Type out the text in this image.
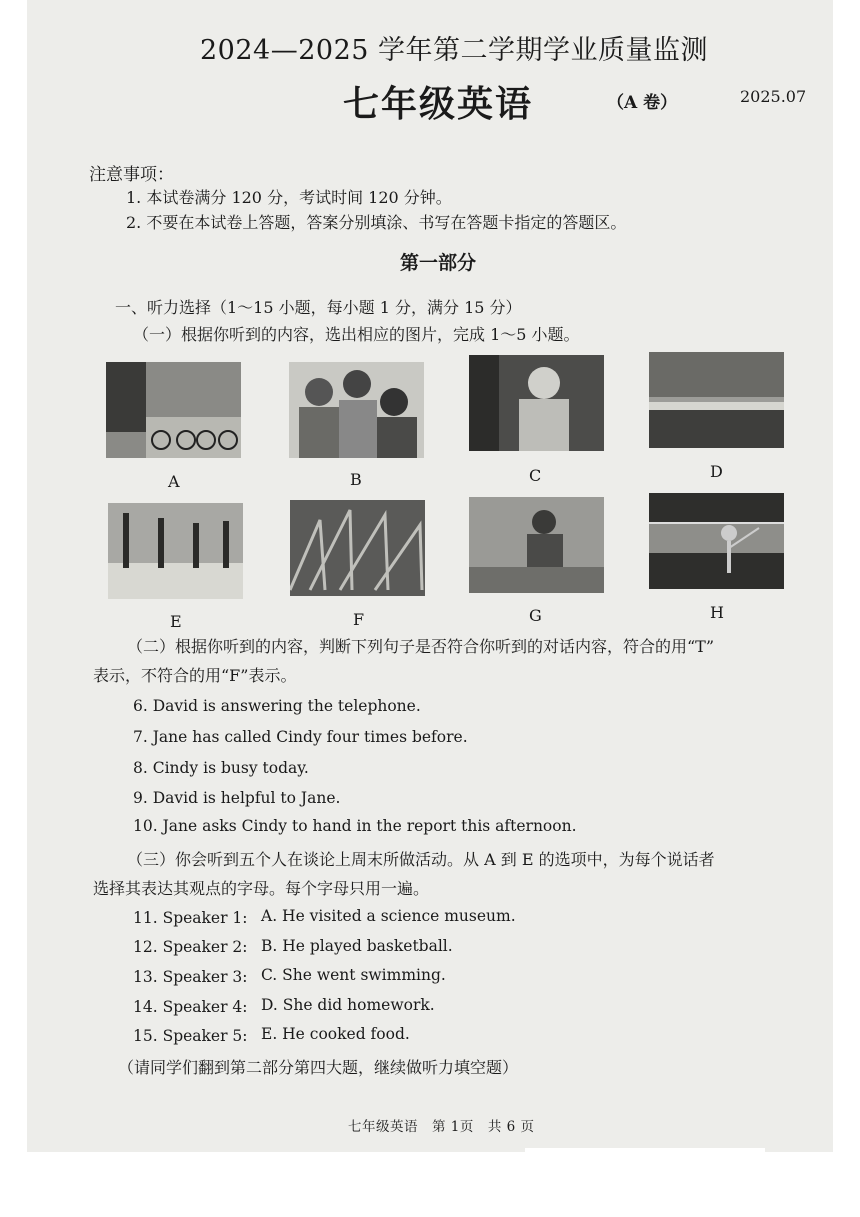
2024—2025 学年第二学期学业质量监测
七年级英语	（A 卷）	2025.07
注意事项：
1. 本试卷满分 120 分，考试时间 120 分钟。
2. 不要在本试卷上答题，答案分别填涂、书写在答题卡指定的答题区。
第一部分
一、听力选择（1～15 小题，每小题 1 分，满分 15 分）
（一）根据你听到的内容，选出相应的图片，完成 1～5 小题。
A	B	C	D
E	F	G	H
（二）根据你听到的内容，判断下列句子是否符合你听到的对话内容，符合的用“T”
表示，不符合的用“F”表示。
6. David is answering the telephone.
7. Jane has called Cindy four times before.
8. Cindy is busy today.
9. David is helpful to Jane.
10. Jane asks Cindy to hand in the report this afternoon.
（三）你会听到五个人在谈论上周末所做活动。从 A 到 E 的选项中，为每个说话者
选择其表达其观点的字母。每个字母只用一遍。
11. Speaker 1: A. He visited a science museum.
12. Speaker 2: B. He played basketball.
13. Speaker 3: C. She went swimming.
14. Speaker 4: D. She did homework.
15. Speaker 5: E. He cooked food.
（请同学们翻到第二部分第四大题，继续做听力填空题）
七年级英语　第 1页　共 6 页
